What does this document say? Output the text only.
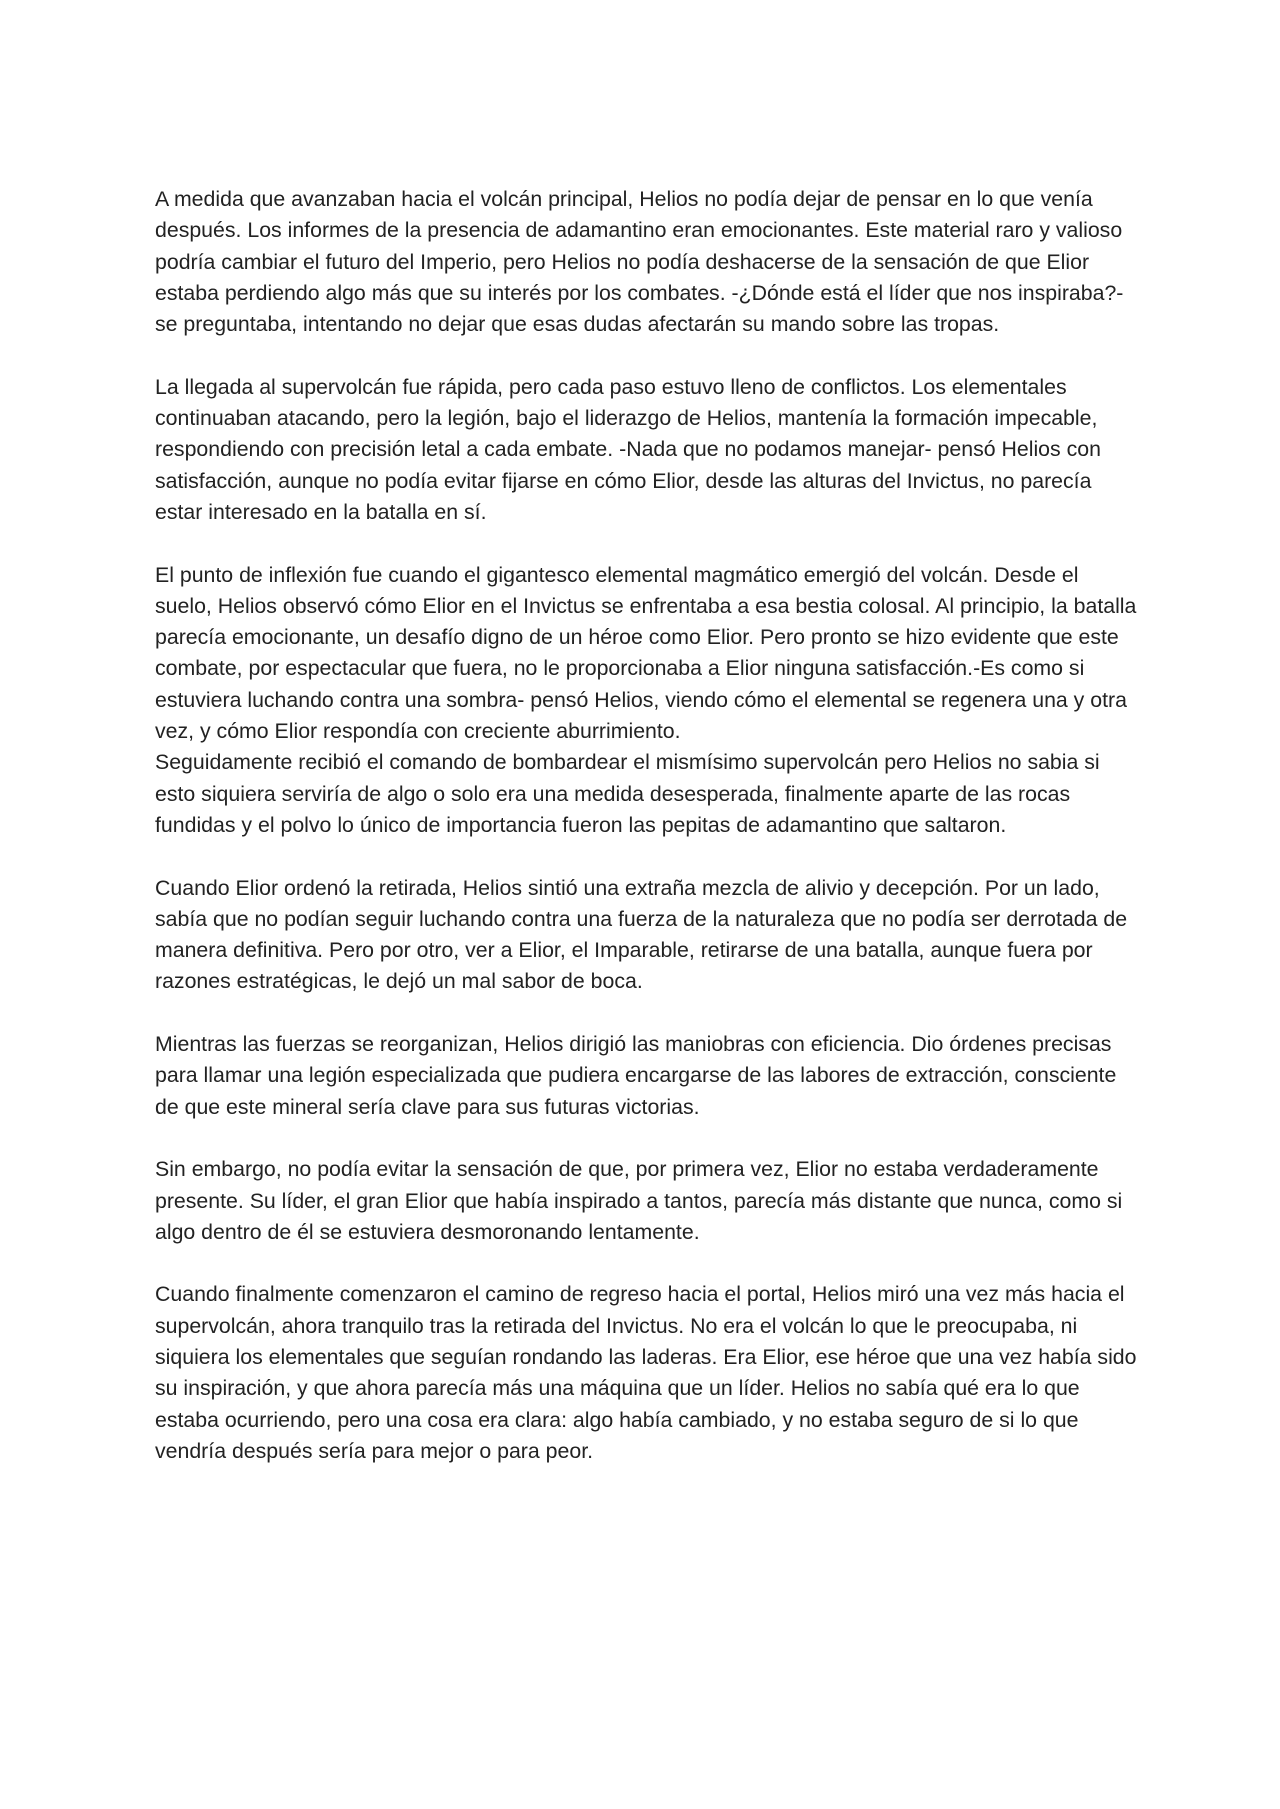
A medida que avanzaban hacia el volcán principal, Helios no podía dejar de pensar en lo que venía después. Los informes de la presencia de adamantino eran emocionantes. Este material raro y valioso podría cambiar el futuro del Imperio, pero Helios no podía deshacerse de la sensación de que Elior estaba perdiendo algo más que su interés por los combates. -¿Dónde está el líder que nos inspiraba?- se preguntaba, intentando no dejar que esas dudas afectarán su mando sobre las tropas.

La llegada al supervolcán fue rápida, pero cada paso estuvo lleno de conflictos. Los elementales continuaban atacando, pero la legión, bajo el liderazgo de Helios, mantenía la formación impecable, respondiendo con precisión letal a cada embate. -Nada que no podamos manejar- pensó Helios con satisfacción, aunque no podía evitar fijarse en cómo Elior, desde las alturas del Invictus, no parecía estar interesado en la batalla en sí.

El punto de inflexión fue cuando el gigantesco elemental magmático emergió del volcán. Desde el suelo, Helios observó cómo Elior en el Invictus se enfrentaba a esa bestia colosal. Al principio, la batalla parecía emocionante, un desafío digno de un héroe como Elior. Pero pronto se hizo evidente que este combate, por espectacular que fuera, no le proporcionaba a Elior ninguna satisfacción.-Es como si estuviera luchando contra una sombra- pensó Helios, viendo cómo el elemental se regenera una y otra vez, y cómo Elior respondía con creciente aburrimiento.

Seguidamente recibió el comando de bombardear el mismísimo supervolcán pero Helios no sabia si esto siquiera serviría de algo o solo era una medida desesperada, finalmente aparte de las rocas fundidas y el polvo lo único de importancia fueron las pepitas de adamantino que saltaron.

Cuando Elior ordenó la retirada, Helios sintió una extraña mezcla de alivio y decepción. Por un lado, sabía que no podían seguir luchando contra una fuerza de la naturaleza que no podía ser derrotada de manera definitiva. Pero por otro, ver a Elior, el Imparable, retirarse de una batalla, aunque fuera por razones estratégicas, le dejó un mal sabor de boca.

Mientras las fuerzas se reorganizan, Helios dirigió las maniobras con eficiencia. Dio órdenes precisas para llamar una legión especializada que pudiera encargarse de las labores de extracción, consciente de que este mineral sería clave para sus futuras victorias.

Sin embargo, no podía evitar la sensación de que, por primera vez, Elior no estaba verdaderamente presente. Su líder, el gran Elior que había inspirado a tantos, parecía más distante que nunca, como si algo dentro de él se estuviera desmoronando lentamente.

Cuando finalmente comenzaron el camino de regreso hacia el portal, Helios miró una vez más hacia el supervolcán, ahora tranquilo tras la retirada del Invictus. No era el volcán lo que le preocupaba, ni siquiera los elementales que seguían rondando las laderas. Era Elior, ese héroe que una vez había sido su inspiración, y que ahora parecía más una máquina que un líder. Helios no sabía qué era lo que estaba ocurriendo, pero una cosa era clara: algo había cambiado, y no estaba seguro de si lo que vendría después sería para mejor o para peor.
